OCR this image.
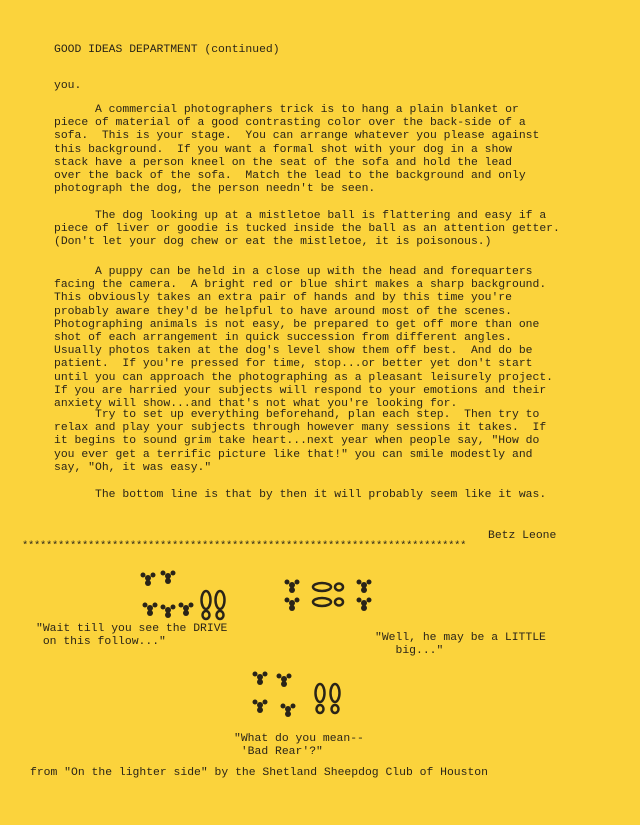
GOOD IDEAS DEPARTMENT (continued)
you.
A commercial photographers trick is to hang a plain blanket or
piece of material of a good contrasting color over the back-side of a
sofa.  This is your stage.  You can arrange whatever you please against
this background.  If you want a formal shot with your dog in a show
stack have a person kneel on the seat of the sofa and hold the lead
over the back of the sofa.  Match the lead to the background and only
photograph the dog, the person needn't be seen.
The dog looking up at a mistletoe ball is flattering and easy if a
piece of liver or goodie is tucked inside the ball as an attention getter.
(Don't let your dog chew or eat the mistletoe, it is poisonous.)
A puppy can be held in a close up with the head and forequarters
facing the camera.  A bright red or blue shirt makes a sharp background.
This obviously takes an extra pair of hands and by this time you're
probably aware they'd be helpful to have around most of the scenes.
Photographing animals is not easy, be prepared to get off more than one
shot of each arrangement in quick succession from different angles.
Usually photos taken at the dog's level show them off best.  And do be
patient.  If you're pressed for time, stop...or better yet don't start
until you can approach the photographing as a pleasant leisurely project.
If you are harried your subjects will respond to your emotions and their
anxiety will show...and that's not what you're looking for.
Try to set up everything beforehand, plan each step.  Then try to
relax and play your subjects through however many sessions it takes.  If
it begins to sound grim take heart...next year when people say, "How do
you ever get a terrific picture like that!" you can smile modestly and
say, "Oh, it was easy."
The bottom line is that by then it will probably seem like it was.
Betz Leone
**************************************************************************
"Wait till you see the DRIVE
on this follow..."	"Well, he may be a LITTLE
big..."
"What do you mean--
'Bad Rear'?"
from "On the lighter side" by the Shetland Sheepdog Club of Houston
